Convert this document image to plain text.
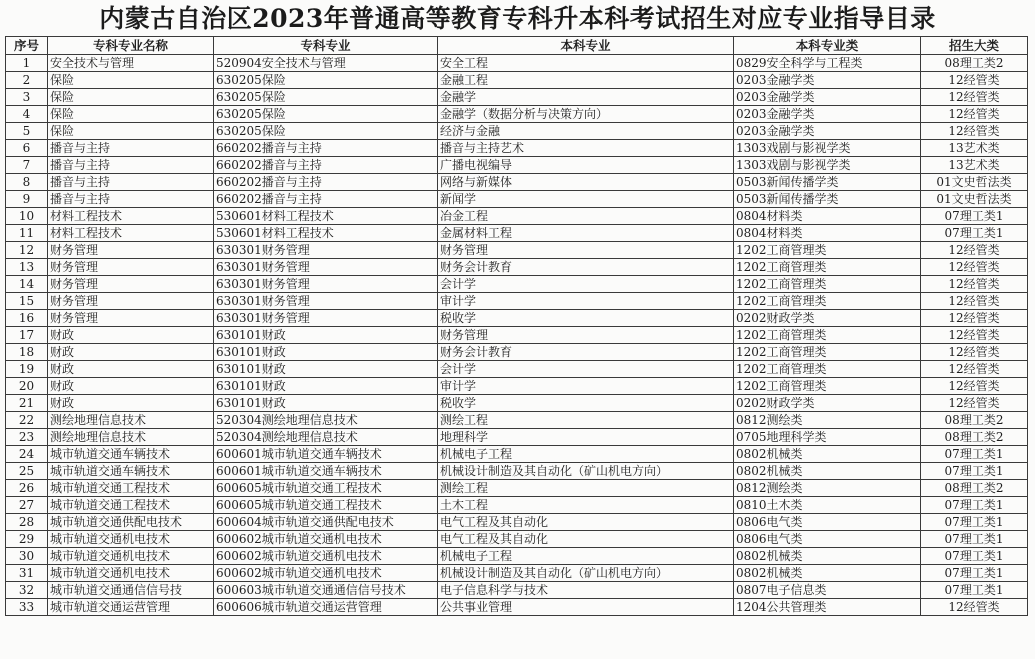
内蒙古自治区2023年普通高等教育专科升本科考试招生对应专业指导目录
序号	专科专业名称	专科专业	本科专业	本科专业类	招生大类
1	安全技术与管理	520904安全技术与管理	安全工程	0829安全科学与工程类	08理工类2
2	保险	630205保险	金融工程	0203金融学类	12经管类
3	保险	630205保险	金融学	0203金融学类	12经管类
4	保险	630205保险	金融学（数据分析与决策方向）	0203金融学类	12经管类
5	保险	630205保险	经济与金融	0203金融学类	12经管类
6	播音与主持	660202播音与主持	播音与主持艺术	1303戏剧与影视学类	13艺术类
7	播音与主持	660202播音与主持	广播电视编导	1303戏剧与影视学类	13艺术类
8	播音与主持	660202播音与主持	网络与新媒体	0503新闻传播学类	01文史哲法类
9	播音与主持	660202播音与主持	新闻学	0503新闻传播学类	01文史哲法类
10	材料工程技术	530601材料工程技术	冶金工程	0804材料类	07理工类1
11	材料工程技术	530601材料工程技术	金属材料工程	0804材料类	07理工类1
12	财务管理	630301财务管理	财务管理	1202工商管理类	12经管类
13	财务管理	630301财务管理	财务会计教育	1202工商管理类	12经管类
14	财务管理	630301财务管理	会计学	1202工商管理类	12经管类
15	财务管理	630301财务管理	审计学	1202工商管理类	12经管类
16	财务管理	630301财务管理	税收学	0202财政学类	12经管类
17	财政	630101财政	财务管理	1202工商管理类	12经管类
18	财政	630101财政	财务会计教育	1202工商管理类	12经管类
19	财政	630101财政	会计学	1202工商管理类	12经管类
20	财政	630101财政	审计学	1202工商管理类	12经管类
21	财政	630101财政	税收学	0202财政学类	12经管类
22	测绘地理信息技术	520304测绘地理信息技术	测绘工程	0812测绘类	08理工类2
23	测绘地理信息技术	520304测绘地理信息技术	地理科学	0705地理科学类	08理工类2
24	城市轨道交通车辆技术	600601城市轨道交通车辆技术	机械电子工程	0802机械类	07理工类1
25	城市轨道交通车辆技术	600601城市轨道交通车辆技术	机械设计制造及其自动化（矿山机电方向）	0802机械类	07理工类1
26	城市轨道交通工程技术	600605城市轨道交通工程技术	测绘工程	0812测绘类	08理工类2
27	城市轨道交通工程技术	600605城市轨道交通工程技术	土木工程	0810土木类	07理工类1
28	城市轨道交通供配电技术	600604城市轨道交通供配电技术	电气工程及其自动化	0806电气类	07理工类1
29	城市轨道交通机电技术	600602城市轨道交通机电技术	电气工程及其自动化	0806电气类	07理工类1
30	城市轨道交通机电技术	600602城市轨道交通机电技术	机械电子工程	0802机械类	07理工类1
31	城市轨道交通机电技术	600602城市轨道交通机电技术	机械设计制造及其自动化（矿山机电方向）	0802机械类	07理工类1
32	城市轨道交通通信信号技	600603城市轨道交通通信信号技术	电子信息科学与技术	0807电子信息类	07理工类1
33	城市轨道交通运营管理	600606城市轨道交通运营管理	公共事业管理	1204公共管理类	12经管类
